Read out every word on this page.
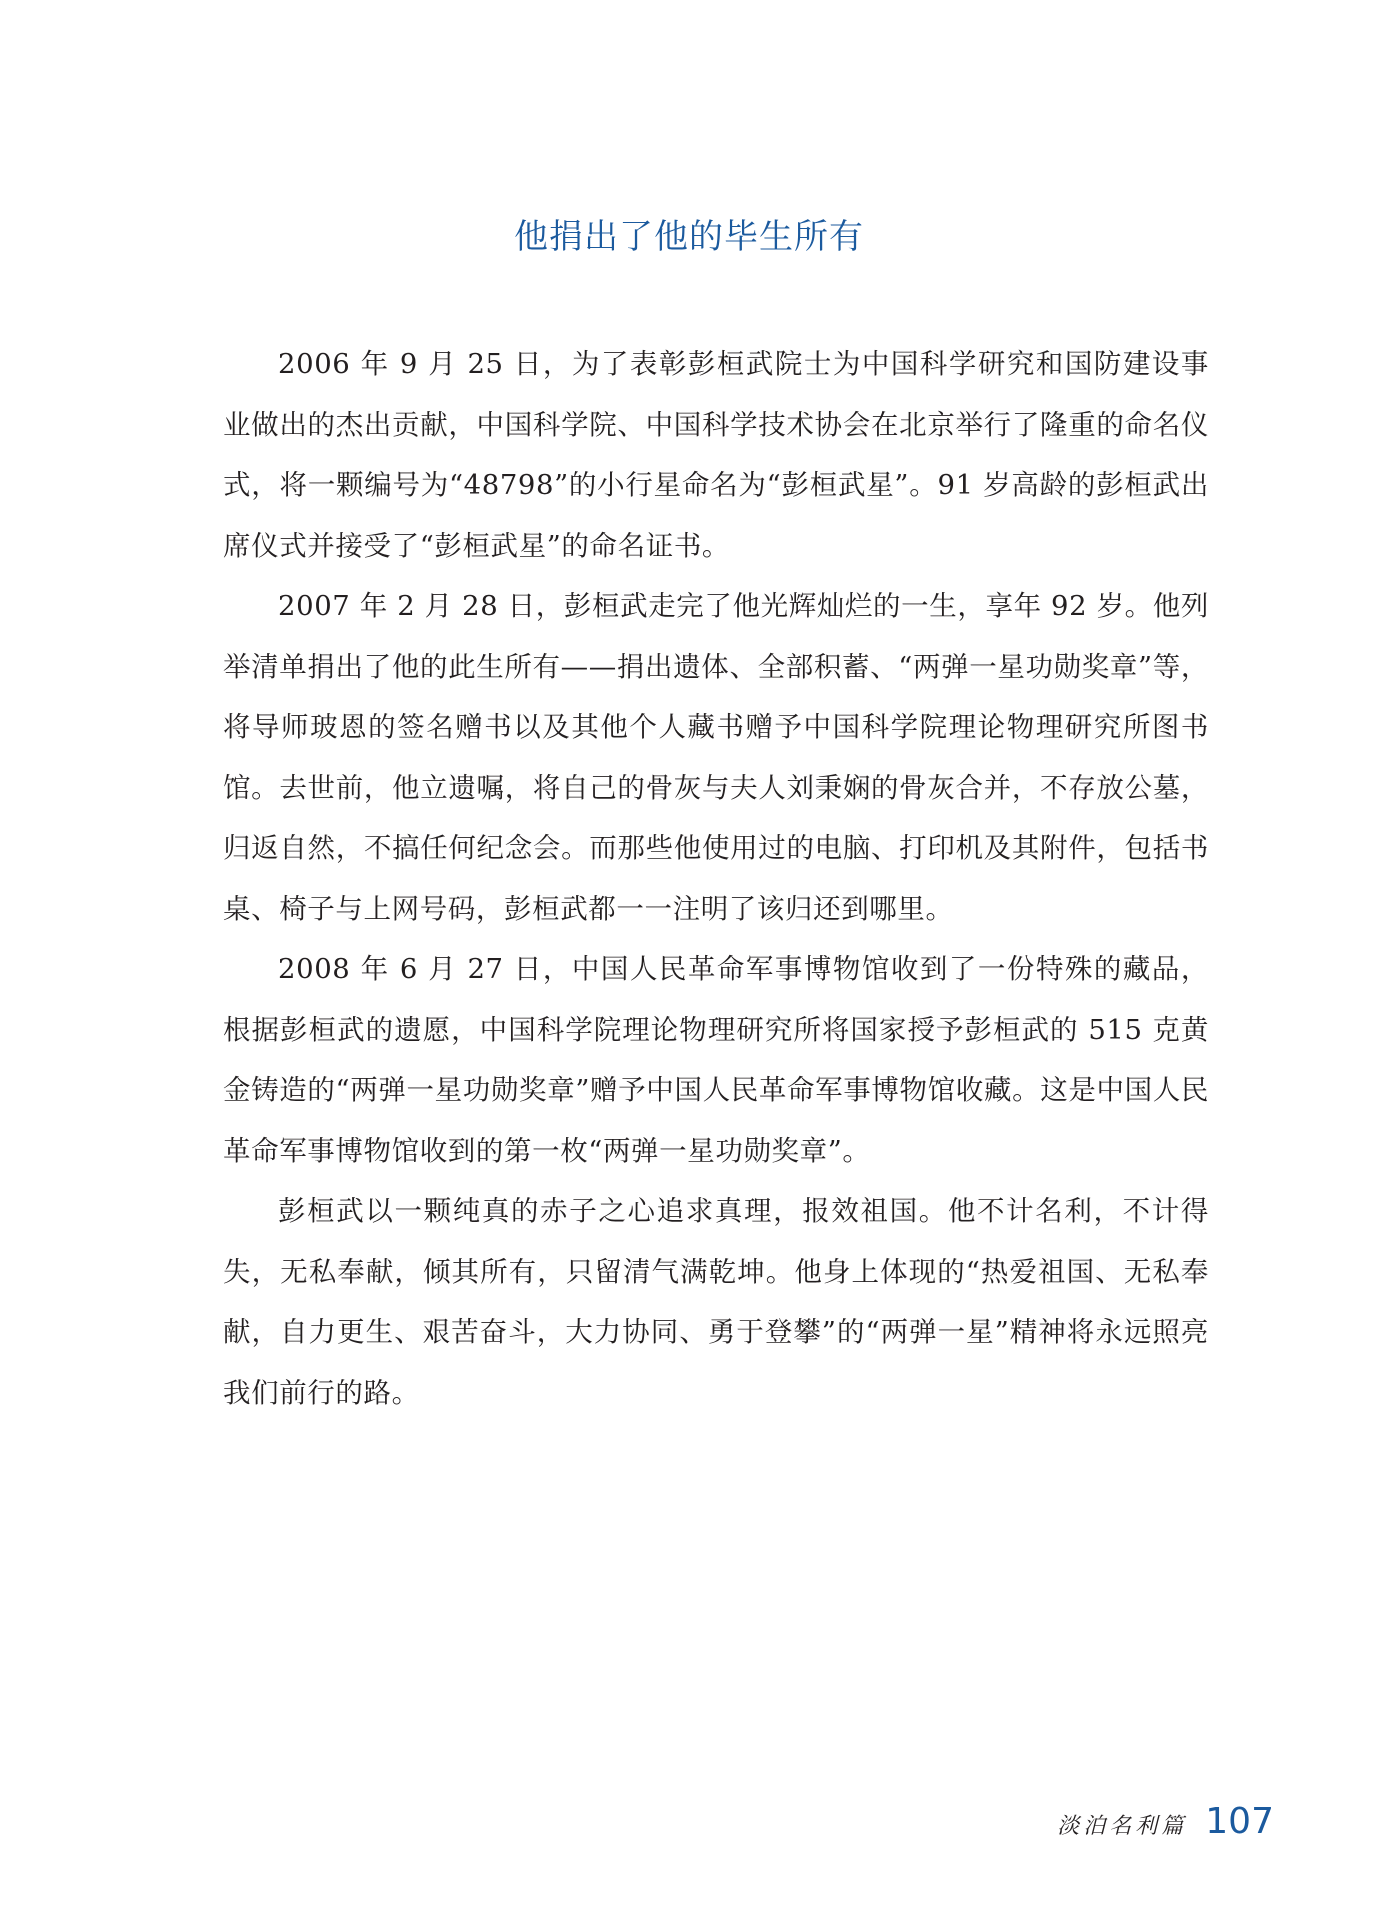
他捐出了他的毕生所有

2006 年 9 月 25 日，为了表彰彭桓武院士为中国科学研究和国防建设事业做出的杰出贡献，中国科学院、中国科学技术协会在北京举行了隆重的命名仪式，将一颗编号为“48798”的小行星命名为“彭桓武星”。91 岁高龄的彭桓武出席仪式并接受了“彭桓武星”的命名证书。

2007 年 2 月 28 日，彭桓武走完了他光辉灿烂的一生，享年 92 岁。他列举清单捐出了他的此生所有——捐出遗体、全部积蓄、“两弹一星功勋奖章”等，将导师玻恩的签名赠书以及其他个人藏书赠予中国科学院理论物理研究所图书馆。去世前，他立遗嘱，将自己的骨灰与夫人刘秉娴的骨灰合并，不存放公墓，归返自然，不搞任何纪念会。而那些他使用过的电脑、打印机及其附件，包括书桌、椅子与上网号码，彭桓武都一一注明了该归还到哪里。

2008 年 6 月 27 日，中国人民革命军事博物馆收到了一份特殊的藏品，根据彭桓武的遗愿，中国科学院理论物理研究所将国家授予彭桓武的 515 克黄金铸造的“两弹一星功勋奖章”赠予中国人民革命军事博物馆收藏。这是中国人民革命军事博物馆收到的第一枚“两弹一星功勋奖章”。

彭桓武以一颗纯真的赤子之心追求真理，报效祖国。他不计名利，不计得失，无私奉献，倾其所有，只留清气满乾坤。他身上体现的“热爱祖国、无私奉献，自力更生、艰苦奋斗，大力协同、勇于登攀”的“两弹一星”精神将永远照亮我们前行的路。

淡泊名利篇 107
